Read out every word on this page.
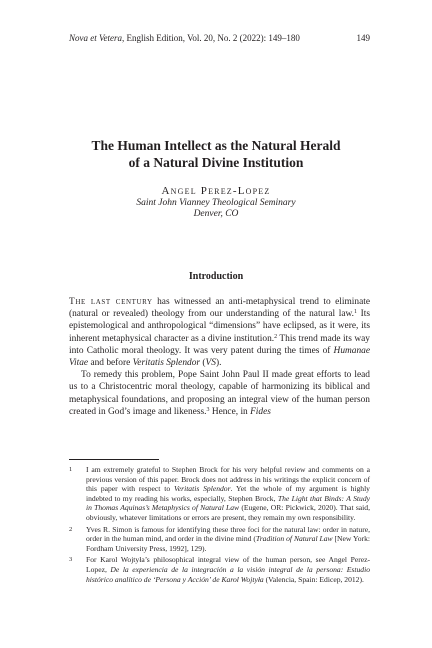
Nova et Vetera, English Edition, Vol. 20, No. 2 (2022): 149–180	149
The Human Intellect as the Natural Herald
of a Natural Divine Institution
Angel Perez-Lopez
Saint John Vianney Theological Seminary
Denver, CO
Introduction

The last century has witnessed an anti-metaphysical trend to eliminate (natural or revealed) theology from our understanding of the natural law.$^1$ Its epistemological and anthropological “dimensions” have eclipsed, as it were, its inherent metaphysical character as a divine institution.$^2$ This trend made its way into Catholic moral theology. It was very patent during the times of Humanae Vitae and before Veritatis Splendor (VS).

To remedy this problem, Pope Saint John Paul II made great efforts to lead us to a Christocentric moral theology, capable of harmonizing its biblical and metaphysical foundations, and proposing an integral view of the human person created in God’s image and likeness.$^3$ Hence, in Fides

1	I am extremely grateful to Stephen Brock for his very helpful review and comments on a previous version of this paper. Brock does not address in his writings the explicit concern of this paper with respect to Veritatis Splendor. Yet the whole of my argument is highly indebted to my reading his works, especially, Stephen Brock, The Light that Binds: A Study in Thomas Aquinas’s Metaphysics of Natural Law (Eugene, OR: Pickwick, 2020). That said, obviously, whatever limitations or errors are present, they remain my own responsibility.
2	Yves R. Simon is famous for identifying these three foci for the natural law: order in nature, order in the human mind, and order in the divine mind (Tradition of Natural Law [New York: Fordham University Press, 1992], 129).
3	For Karol Wojtyła’s philosophical integral view of the human person, see Angel Perez-Lopez, De la experiencia de la integración a la visión integral de la persona: Estudio histórico analítico de ‘Persona y Acción’ de Karol Wojtyła (Valencia, Spain: Edicep, 2012).
